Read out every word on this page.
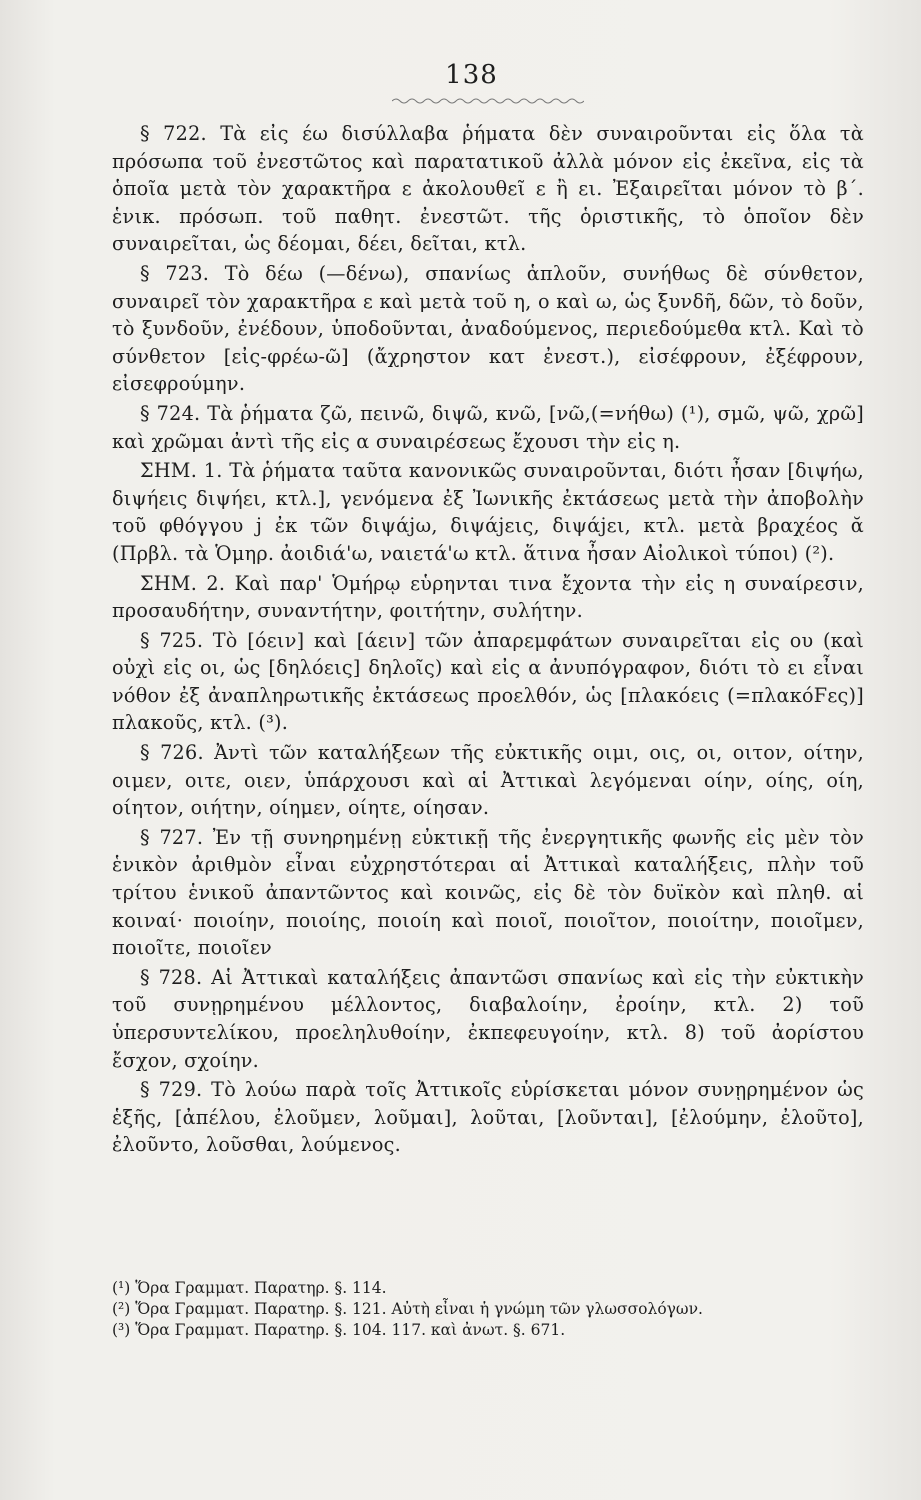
138

§ 722. Τὰ εἰς έω δισύλλαβα ῥήματα δὲν συναιροῦνται εἰς ὅλα τὰ πρόσωπα τοῦ ἐνεστῶτος καὶ παρατατικοῦ ἀλλὰ μόνον εἰς ἐκεῖνα, εἰς τὰ ὁποῖα μετὰ τὸν χαρακτῆρα ε ἀκολουθεῖ ε ἢ ει. Ἐξαιρεῖται μόνον τὸ β΄. ἑνικ. πρόσωπ. τοῦ παθητ. ἐνεστῶτ. τῆς ὁριστικῆς, τὸ ὁποῖον δὲν συναιρεῖται, ὡς δέομαι, δέει, δεῖται, κτλ.

§ 723. Τὸ δέω (—δένω), σπανίως ἁπλοῦν, συνήθως δὲ σύνθετον, συναιρεῖ τὸν χαρακτῆρα ε καὶ μετὰ τοῦ η, ο καὶ ω, ὡς ξυνδῆ, δῶν, τὸ δοῦν, τὸ ξυνδοῦν, ἐνέδουν, ὑποδοῦνται, ἀναδούμενος, περιεδούμεθα κτλ. Καὶ τὸ σύνθετον [εἰς-φρέω-ῶ] (ἄχρηστον κατ ἐνεστ.), εἰσέφρουν, ἐξέφρουν, εἰσεφρούμην.

§ 724. Τὰ ῥήματα ζῶ, πεινῶ, διψῶ, κνῶ, [νῶ,(=νήθω) (¹), σμῶ, ψῶ, χρῶ] καὶ χρῶμαι ἀντὶ τῆς εἰς α συναιρέσεως ἔχουσι τὴν εἰς η.

ΣΗΜ. 1. Τὰ ῥήματα ταῦτα κανονικῶς συναιροῦνται, διότι ἦσαν [διψήω, διψήεις διψήει, κτλ.], γενόμενα ἐξ Ἰωνικῆς ἐκτάσεως μετὰ τὴν ἀποβολὴν τοῦ φθόγγου j ἐκ τῶν διψάjω, διψάjεις, διψάjει, κτλ. μετὰ βραχέος ᾰ (Πρβλ. τὰ Ὁμηρ. ἀοιδιά'ω, ναιετά'ω κτλ. ἅτινα ἦσαν Αἰολικοὶ τύποι) (²).

ΣΗΜ. 2. Καὶ παρ' Ὁμήρῳ εὑρηνται τινα ἔχοντα τὴν εἰς η συναίρεσιν, προσαυδήτην, συναντήτην, φοιτήτην, συλήτην.

§ 725. Τὸ [όειν] καὶ [άειν] τῶν ἀπαρεμφάτων συναιρεῖται εἰς ου (καὶ οὐχὶ εἰς οι, ὡς [δηλόεις] δηλοῖς) καὶ εἰς α ἀνυπόγραφον, διότι τὸ ει εἶναι νόθον ἐξ ἀναπληρωτικῆς ἐκτάσεως προελθόν, ὡς [πλακόεις (=πλακόϜες)] πλακοῦς, κτλ. (³).

§ 726. Ἀντὶ τῶν καταλήξεων τῆς εὐκτικῆς οιμι, οις, οι, οιτον, οίτην, οιμεν, οιτε, οιεν, ὑπάρχουσι καὶ αἱ Ἀττικαὶ λεγόμεναι οίην, οίης, οίη, οίητον, οιήτην, οίημεν, οίητε, οίησαν.

§ 727. Ἐν τῇ συνηρημένῃ εὐκτικῇ τῆς ἐνεργητικῆς φωνῆς εἰς μὲν τὸν ἑνικὸν ἀριθμὸν εἶναι εὐχρηστότεραι αἱ Ἀττικαὶ καταλήξεις, πλὴν τοῦ τρίτου ἑνικοῦ ἀπαντῶντος καὶ κοινῶς, εἰς δὲ τὸν δυϊκὸν καὶ πληθ. αἱ κοιναί· ποιοίην, ποιοίης, ποιοίη καὶ ποιοῖ, ποιοῖτον, ποιοίτην, ποιοῖμεν, ποιοῖτε, ποιοῖεν

§ 728. Αἱ Ἀττικαὶ καταλήξεις ἀπαντῶσι σπανίως καὶ εἰς τὴν εὐκτικὴν τοῦ συνῃρημένου μέλλοντος, διαβαλοίην, ἐροίην, κτλ. 2) τοῦ ὑπερσυντελίκου, προεληλυθοίην, ἐκπεφευγοίην, κτλ. 8) τοῦ ἀορίστου ἔσχον, σχοίην.

§ 729. Τὸ λούω παρὰ τοῖς Ἀττικοῖς εὑρίσκεται μόνον συνῃρημένον ὡς ἑξῆς, [ἀπέλου, ἐλοῦμεν, λοῦμαι], λοῦται, [λοῦνται], [ἐλούμην, ἐλοῦτο], ἐλοῦντο, λοῦσθαι, λούμενος.

(¹) Ὅρα Γραμματ. Παρατηρ. §. 114.

(²) Ὅρα Γραμματ. Παρατηρ. §. 121. Αὐτὴ εἶναι ἡ γνώμη τῶν γλωσσολόγων.

(³) Ὅρα Γραμματ. Παρατηρ. §. 104. 117. καὶ ἀνωτ. §. 671.
